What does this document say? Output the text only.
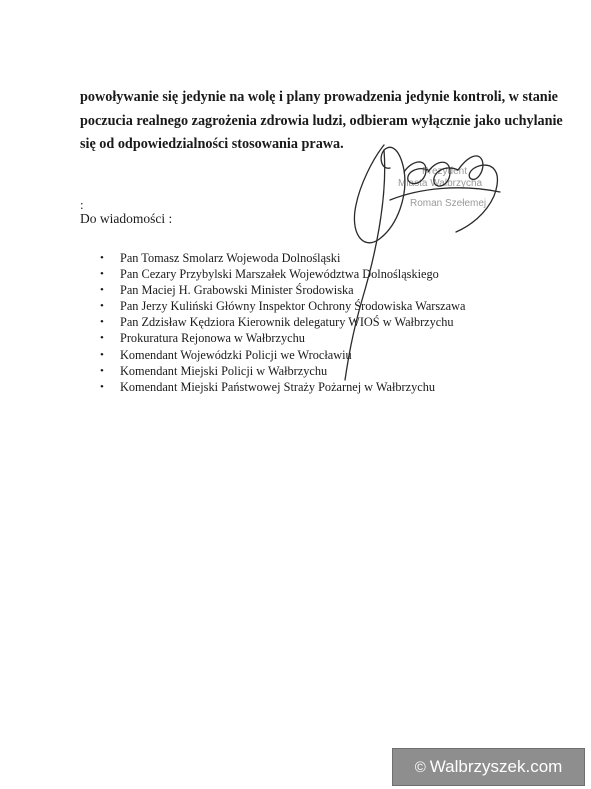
powoływanie się jedynie na wolę i plany prowadzenia jedynie kontroli, w stanie

poczucia realnego zagrożenia zdrowia ludzi, odbieram wyłącznie jako uchylanie

się od odpowiedzialności stosowania prawa.

Prezydent
Miasta Wałbrzycha
Roman Szełemej
:
Do wiadomości :
• Pan Tomasz Smolarz Wojewoda Dolnośląski
• Pan Cezary Przybylski Marszałek Województwa Dolnośląskiego
• Pan Maciej H. Grabowski Minister Środowiska
• Pan Jerzy Kuliński Główny Inspektor Ochrony Środowiska Warszawa
• Pan Zdzisław Kędziora Kierownik delegatury WIOŚ w Wałbrzychu
• Prokuratura Rejonowa w Wałbrzychu
• Komendant Wojewódzki Policji we Wrocławiu
• Komendant Miejski Policji w Wałbrzychu
• Komendant Miejski Państwowej Straży Pożarnej w Wałbrzychu
© Walbrzyszek.com
